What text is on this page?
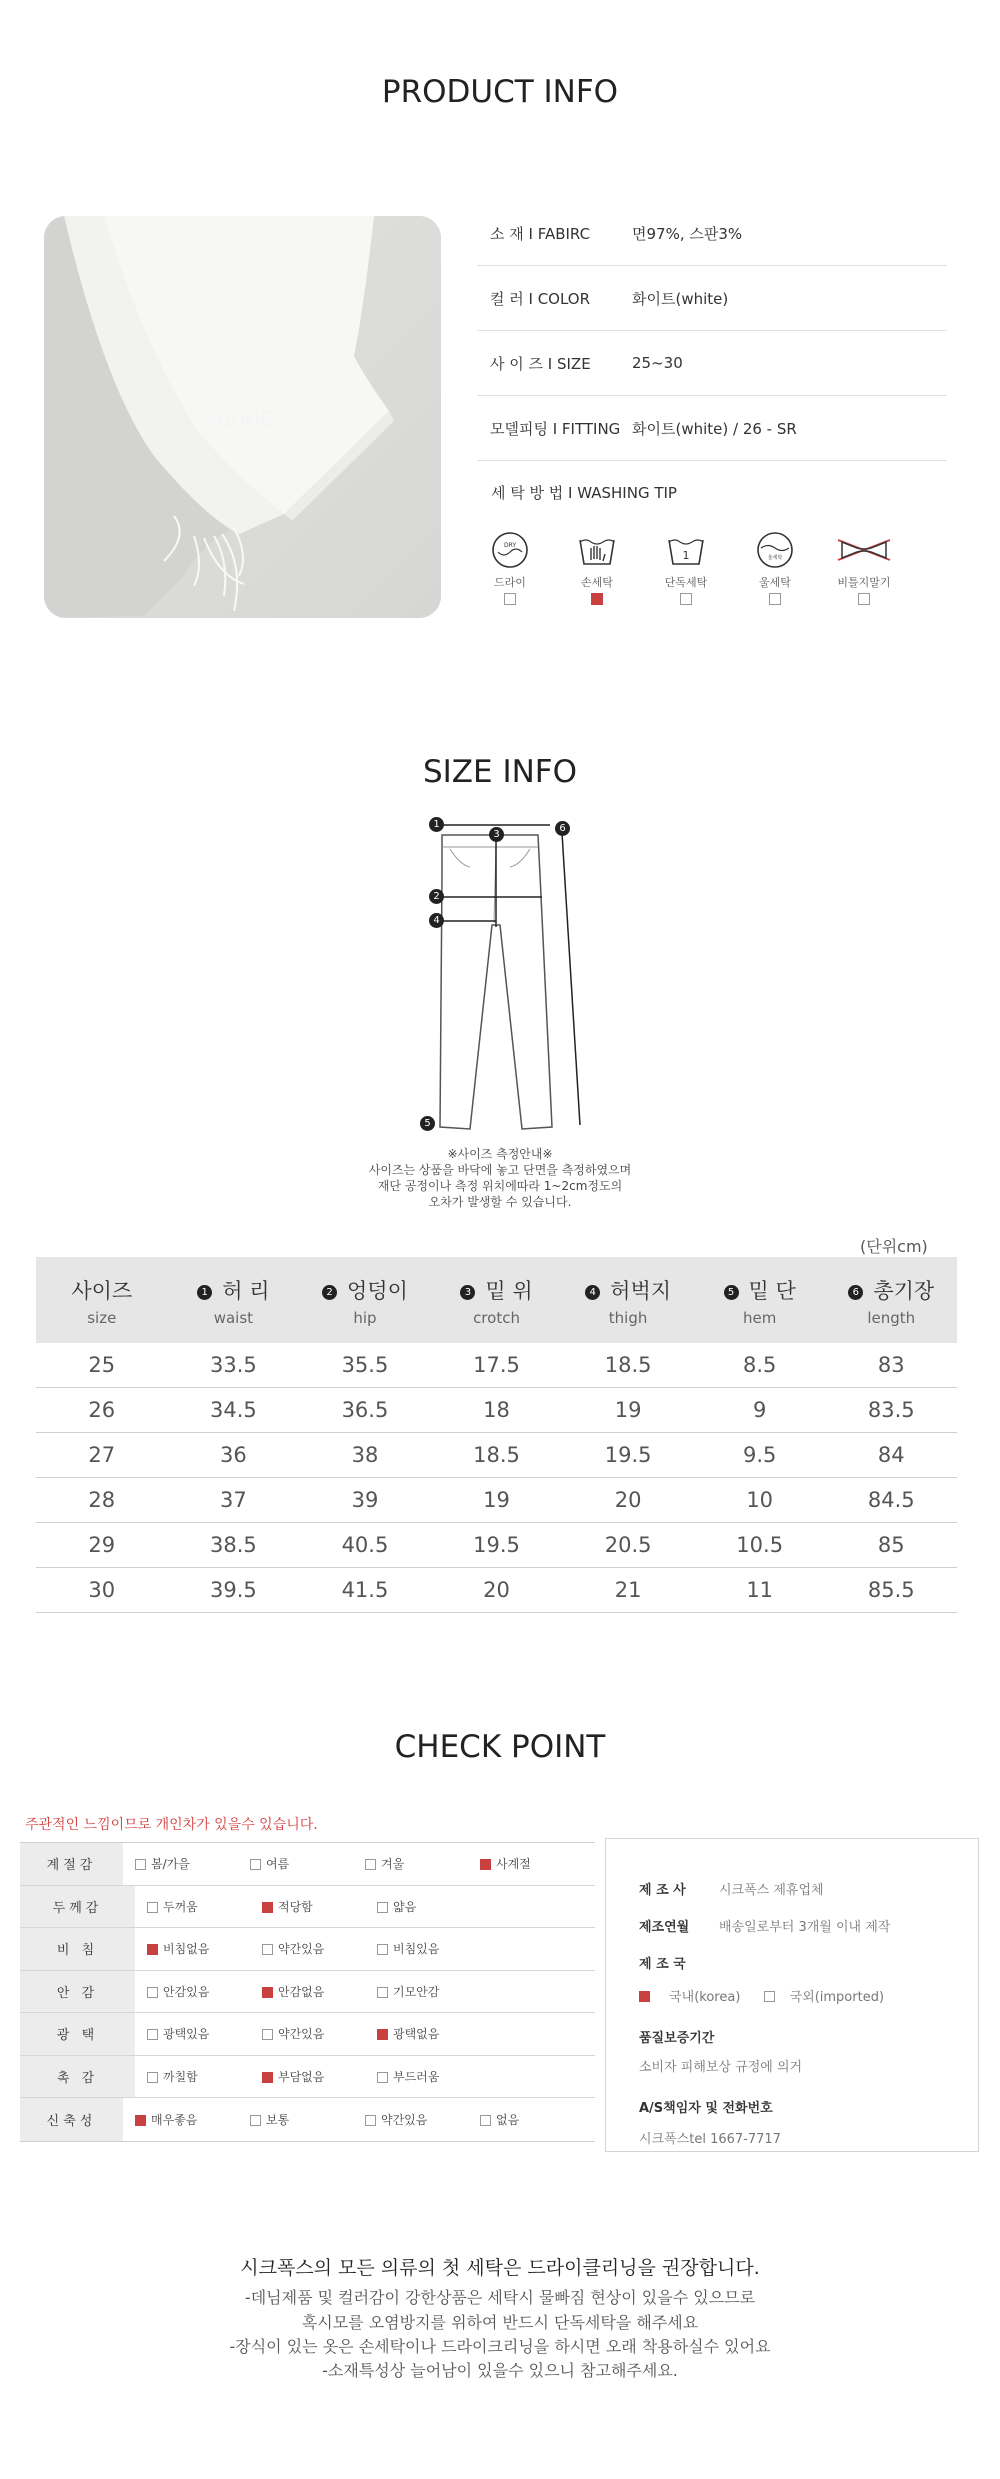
PRODUCT INFO
FABRIC
소 재 I FABIRC	면97%, 스판3%
컬 러 I COLOR	화이트(white)
사 이 즈 I SIZE	25~30
모델피팅 I FITTING 화이트(white) / 26 - SR
세 탁 방 법 I WASHING TIP
DRY
드라이	손세탁
1
단독세탁
울세탁
울세탁	비틀지말기
SIZE INFO
1
2
3
4
5
6
※사이즈 측정안내※
사이즈는 상품을 바닥에 놓고 단면을 측정하였으며
재단 공정이나 측정 위치에따라 1~2cm정도의
오차가 발생할 수 있습니다.
(단위cm)
사이즈
size
1 허 리
waist
2 엉덩이
hip
3 밑 위
crotch
4 허벅지
thigh
5 밑 단
hem
6 총기장
length
25	33.5	35.5	17.5	18.5	8.5	83
26	34.5	36.5	18	19	9	83.5
27	36	38	18.5	19.5	9.5	84
28	37	39	19	20	10	84.5
29	38.5	40.5	19.5	20.5	10.5	85
30	39.5	41.5	20	21	11	85.5
CHECK POINT
주관적인 느낌이므로 개인차가 있을수 있습니다.
계절감	봄/가을	여름	겨울	사계절
두께감	두꺼움	적당함	얇음
비 침	비침없음	약간있음	비침있음
안 감	안감있음	안감없음	기모안감
광 택	광택있음	약간있음	광택없음
촉 감	까칠함	부담없음	부드러움
신축성	매우좋음	보통	약간있음	없음
제 조 사	시크폭스 제휴업체
제조연월	배송일로부터 3개월 이내 제작
제 조 국
국내(korea)	국외(imported)
품질보증기간
소비자 피해보상 규정에 의거
A/S책임자 및 전화번호
시크폭스tel 1667-7717
시크폭스의 모든 의류의 첫 세탁은 드라이클리닝을 권장합니다.
-데님제품 및 컬러감이 강한상품은 세탁시 물빠짐 현상이 있을수 있으므로
혹시모를 오염방지를 위하여 반드시 단독세탁을 해주세요
-장식이 있는 옷은 손세탁이나 드라이크리닝을 하시면 오래 착용하실수 있어요
-소재특성상 늘어남이 있을수 있으니 참고해주세요.
